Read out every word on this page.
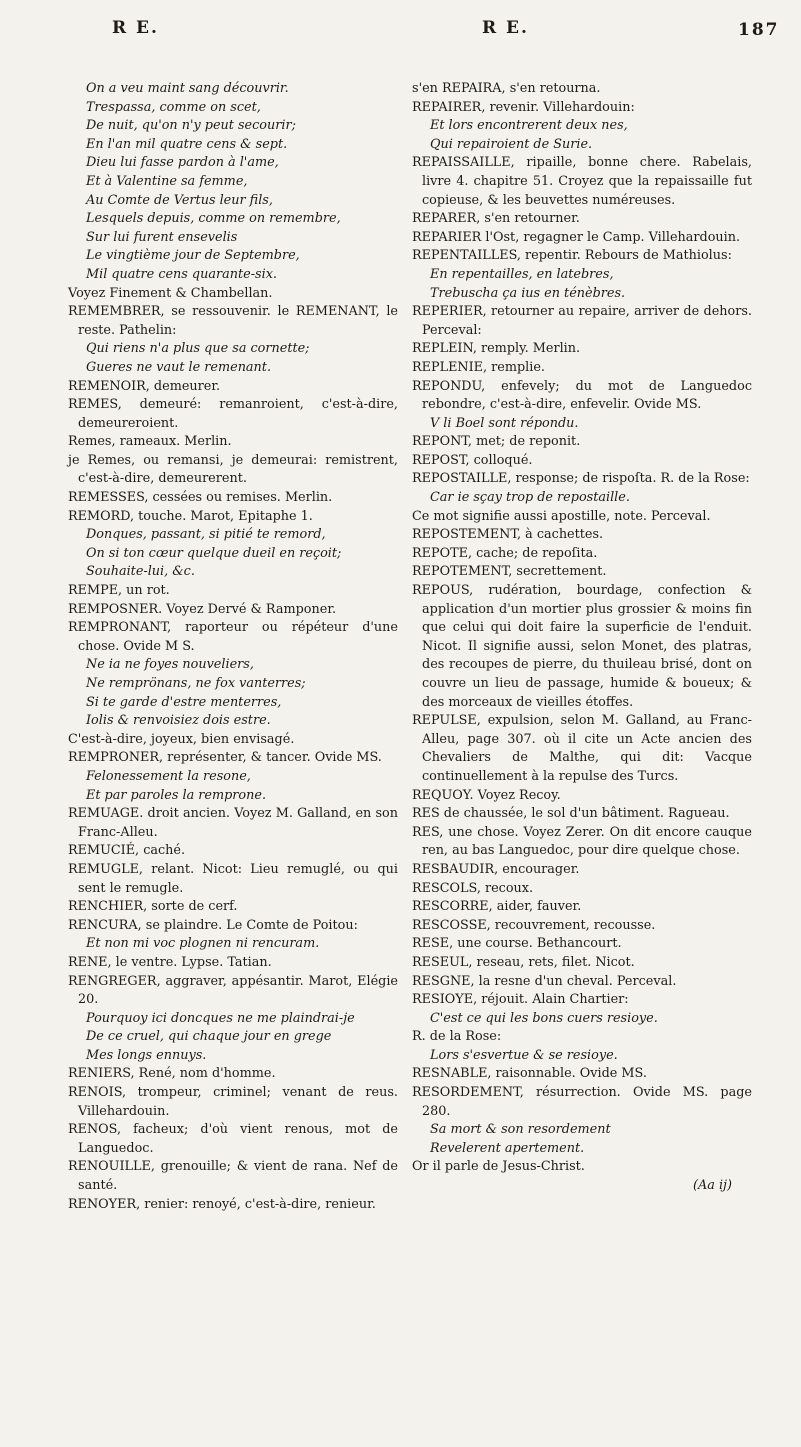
R E.	R E.	187

On a veu maint sang découvrir.
Trespassa, comme on scet,
De nuit, qu'on n'y peut secourir;
En l'an mil quatre cens & sept.
Dieu lui fasse pardon à l'ame,
Et à Valentine sa femme,
Au Comte de Vertus leur fils,
Lesquels depuis, comme on remembre,
Sur lui furent ensevelis
Le vingtième jour de Septembre,
Mil quatre cens quarante-six.

Voyez Finement & Chambellan.

REMEMBRER, se ressouvenir. le REMENANT, le reste. Pathelin:

Qui riens n'a plus que sa cornette;
Gueres ne vaut le remenant.

REMENOIR, demeurer.

REMES, demeuré: remanroient, c'est-à-dire, demeureroient.

Remes, rameaux. Merlin.

je Remes, ou remansi, je demeurai: remistrent, c'est-à-dire, demeurerent.

REMESSES, cessées ou remises. Merlin.

REMORD, touche. Marot, Epitaphe 1.

Donques, passant, si pitié te remord,
On si ton cœur quelque dueil en reçoit;
Souhaite-lui, &c.

REMPE, un rot.

REMPOSNER. Voyez Dervé & Ramponer.

REMPRONANT, raporteur ou répéteur d'une chose. Ovide M S.

Ne ia ne foyes nouveliers,
Ne remprönans, ne fox vanterres;
Si te garde d'estre menterres,
Iolis & renvoisiez dois estre.

C'est-à-dire, joyeux, bien envisagé.

REMPRONER, représenter, & tancer. Ovide MS.

Felonessement la resone,
Et par paroles la remprone.

REMUAGE. droit ancien. Voyez M. Galland, en son Franc-Alleu.

REMUCIÉ, caché.

REMUGLE, relant. Nicot: Lieu remuglé, ou qui sent le remugle.

RENCHIER, sorte de cerf.

RENCURA, se plaindre. Le Comte de Poitou:

Et non mi voc plognen ni rencuram.

RENE, le ventre. Lypse. Tatian.

RENGREGER, aggraver, appésantir. Marot, Elégie 20.

Pourquoy ici doncques ne me plaindrai-je
De ce cruel, qui chaque jour en grege
Mes longs ennuys.

RENIERS, René, nom d'homme.

RENOIS, trompeur, criminel; venant de reus. Villehardouin.

RENOS, facheux; d'où vient renous, mot de Languedoc.

RENOUILLE, grenouille; & vient de rana. Nef de santé.

RENOYER, renier: renoyé, c'est-à-dire, renieur.

s'en REPAIRA, s'en retourna.

REPAIRER, revenir. Villehardouin:

Et lors encontrerent deux nes,
Qui repairoient de Surie.

REPAISSAILLE, ripaille, bonne chere. Rabelais, livre 4. chapitre 51. Croyez que la repaissaille fut copieuse, & les beuvettes numéreuses.

REPARER, s'en retourner.

REPARIER l'Ost, regagner le Camp. Villehardouin.

REPENTAILLES, repentir. Rebours de Mathiolus:

En repentailles, en latebres,
Trebuscha ça ius en ténèbres.

REPERIER, retourner au repaire, arriver de dehors. Perceval:

REPLEIN, remply. Merlin.

REPLENIE, remplie.

REPONDU, enfevely; du mot de Languedoc rebondre, c'est-à-dire, enfevelir. Ovide MS.

V li Boel sont répondu.

REPONT, met; de reponit.

REPOST, colloqué.

REPOSTAILLE, response; de rispoſta. R. de la Rose:

Car ie sçay trop de repostaille.

Ce mot signifie aussi apostille, note. Perceval.

REPOSTEMENT, à cachettes.

REPOTE, cache; de repoſita.

REPOTEMENT, secrettement.

REPOUS, rudération, bourdage, confection & application d'un mortier plus grossier & moins fin que celui qui doit faire la superficie de l'enduit. Nicot. Il signifie aussi, selon Monet, des platras, des recoupes de pierre, du thuileau brisé, dont on couvre un lieu de passage, humide & boueux; & des morceaux de vieilles étoffes.

REPULSE, expulsion, selon M. Galland, au Franc-Alleu, page 307. où il cite un Acte ancien des Chevaliers de Malthe, qui dit: Vacque continuellement à la repulse des Turcs.

REQUOY. Voyez Recoy.

RES de chaussée, le sol d'un bâtiment. Ragueau.

RES, une chose. Voyez Zerer. On dit encore cauque ren, au bas Languedoc, pour dire quelque chose.

RESBAUDIR, encourager.

RESCOLS, recoux.

RESCORRE, aider, fauver.

RESCOSSE, recouvrement, recousse.

RESE, une course. Bethancourt.

RESEUL, reseau, rets, filet. Nicot.

RESGNE, la resne d'un cheval. Perceval.

RESIOYE, réjouit. Alain Chartier:

C'est ce qui les bons cuers resioye.

R. de la Rose:

Lors s'esvertue & se resioye.

RESNABLE, raisonnable. Ovide MS.

RESORDEMENT, résurrection. Ovide MS. page 280.

Sa mort & son resordement
Revelerent apertement.

Or il parle de Jesus-Christ.

(Aa ij)
